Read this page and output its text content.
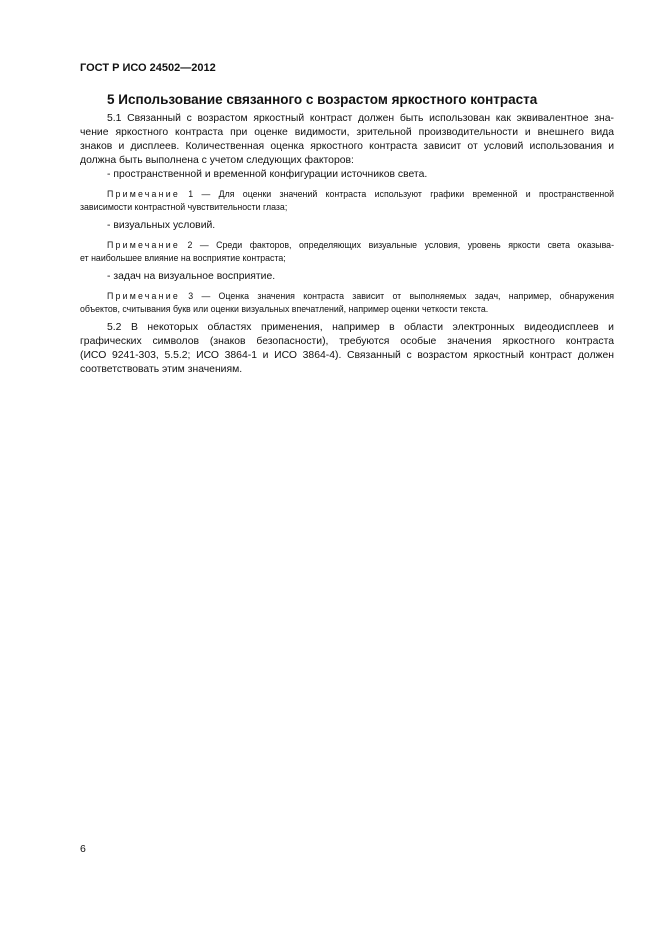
ГОСТ Р ИСО 24502—2012
5 Использование связанного с возрастом яркостного контраста
5.1 Связанный с возрастом яркостный контраст должен быть использован как эквивалентное зна-
чение яркостного контраста при оценке видимости, зрительной производительности и внешнего вида
знаков и дисплеев. Количественная оценка яркостного контраста зависит от условий использования и
должна быть выполнена с учетом следующих факторов:
- пространственной и временной конфигурации источников света.
Примечание 1 — Для оценки значений контраста используют графики временной и пространственной
зависимости контрастной чувствительности глаза;
- визуальных условий.
Примечание 2 — Среди факторов, определяющих визуальные условия, уровень яркости света оказыва-
ет наибольшее влияние на восприятие контраста;
- задач на визуальное восприятие.
Примечание 3 — Оценка значения контраста зависит от выполняемых задач, например, обнаружения
объектов, считывания букв или оценки визуальных впечатлений, например оценки четкости текста.
5.2 В некоторых областях применения, например в области электронных видеодисплеев и
графических символов (знаков безопасности), требуются особые значения яркостного контраста
(ИСО 9241-303, 5.5.2; ИСО 3864-1 и ИСО 3864-4). Связанный с возрастом яркостный контраст должен
соответствовать этим значениям.
6
